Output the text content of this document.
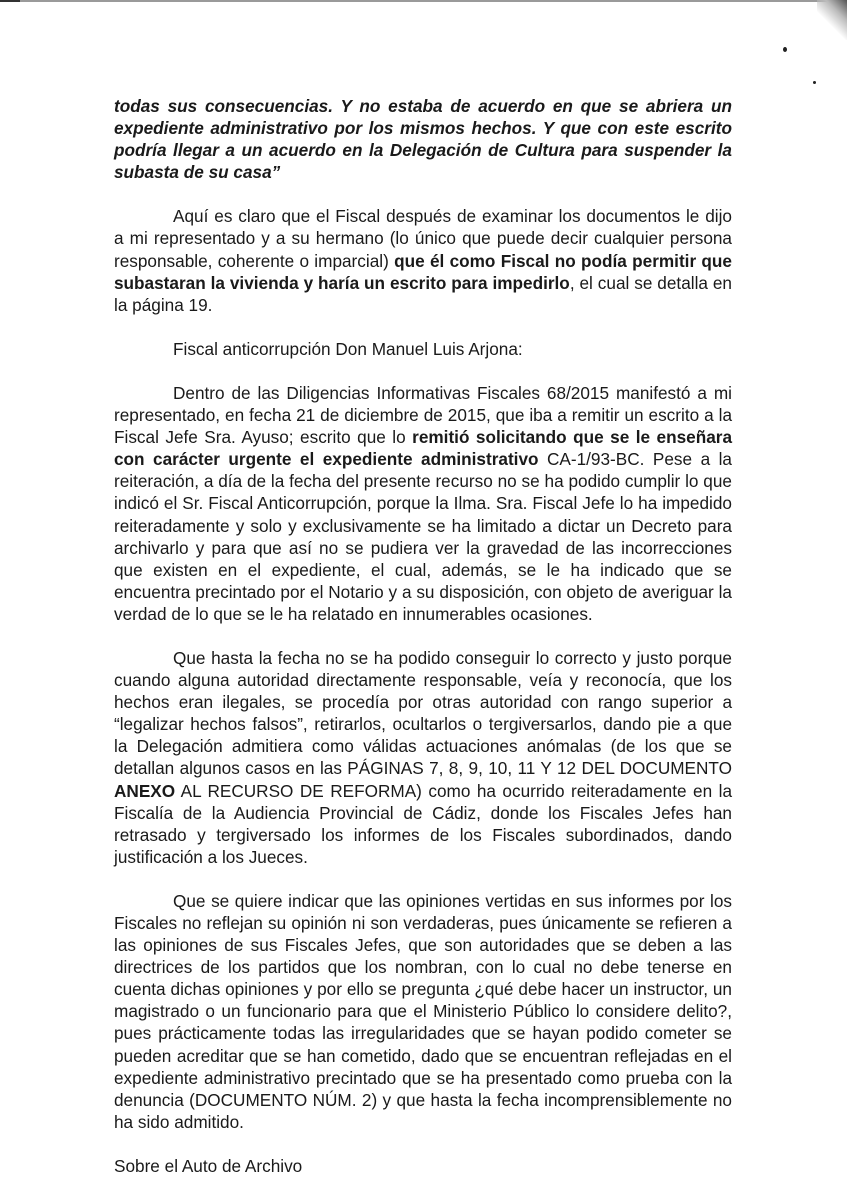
todas sus consecuencias. Y no estaba de acuerdo en que se abriera un expediente administrativo por los mismos hechos. Y que con este escrito podría llegar a un acuerdo en la Delegación de Cultura para suspender la subasta de su casa”

Aquí es claro que el Fiscal después de examinar los documentos le dijo a mi representado y a su hermano (lo único que puede decir cualquier persona responsable, coherente o imparcial) que él como Fiscal no podía permitir que subastaran la vivienda y haría un escrito para impedirlo, el cual se detalla en la página 19.

Fiscal anticorrupción Don Manuel Luis Arjona:

Dentro de las Diligencias Informativas Fiscales 68/2015 manifestó a mi representado, en fecha 21 de diciembre de 2015, que iba a remitir un escrito a la Fiscal Jefe Sra. Ayuso; escrito que lo remitió solicitando que se le enseñara con carácter urgente el expediente administrativo CA-1/93-BC. Pese a la reiteración, a día de la fecha del presente recurso no se ha podido cumplir lo que indicó el Sr. Fiscal Anticorrupción, porque la Ilma. Sra. Fiscal Jefe lo ha impedido reiteradamente y solo y exclusivamente se ha limitado a dictar un Decreto para archivarlo y para que así no se pudiera ver la gravedad de las incorrecciones que existen en el expediente, el cual, además, se le ha indicado que se encuentra precintado por el Notario y a su disposición, con objeto de averiguar la verdad de lo que se le ha relatado en innumerables ocasiones.

Que hasta la fecha no se ha podido conseguir lo correcto y justo porque cuando alguna autoridad directamente responsable, veía y reconocía, que los hechos eran ilegales, se procedía por otras autoridad con rango superior a “legalizar hechos falsos”, retirarlos, ocultarlos o tergiversarlos, dando pie a que la Delegación admitiera como válidas actuaciones anómalas (de los que se detallan algunos casos en las PÁGINAS 7, 8, 9, 10, 11 Y 12 DEL DOCUMENTO ANEXO AL RECURSO DE REFORMA) como ha ocurrido reiteradamente en la Fiscalía de la Audiencia Provincial de Cádiz, donde los Fiscales Jefes han retrasado y tergiversado los informes de los Fiscales subordinados, dando justificación a los Jueces.

Que se quiere indicar que las opiniones vertidas en sus informes por los Fiscales no reflejan su opinión ni son verdaderas, pues únicamente se refieren a las opiniones de sus Fiscales Jefes, que son autoridades que se deben a las directrices de los partidos que los nombran, con lo cual no debe tenerse en cuenta dichas opiniones y por ello se pregunta ¿qué debe hacer un instructor, un magistrado o un funcionario para que el Ministerio Público lo considere delito?, pues prácticamente todas las irregularidades que se hayan podido cometer se pueden acreditar que se han cometido, dado que se encuentran reflejadas en el expediente administrativo precintado que se ha presentado como prueba con la denuncia (DOCUMENTO NÚM. 2) y que hasta la fecha incomprensiblemente no ha sido admitido.

Sobre el Auto de Archivo
